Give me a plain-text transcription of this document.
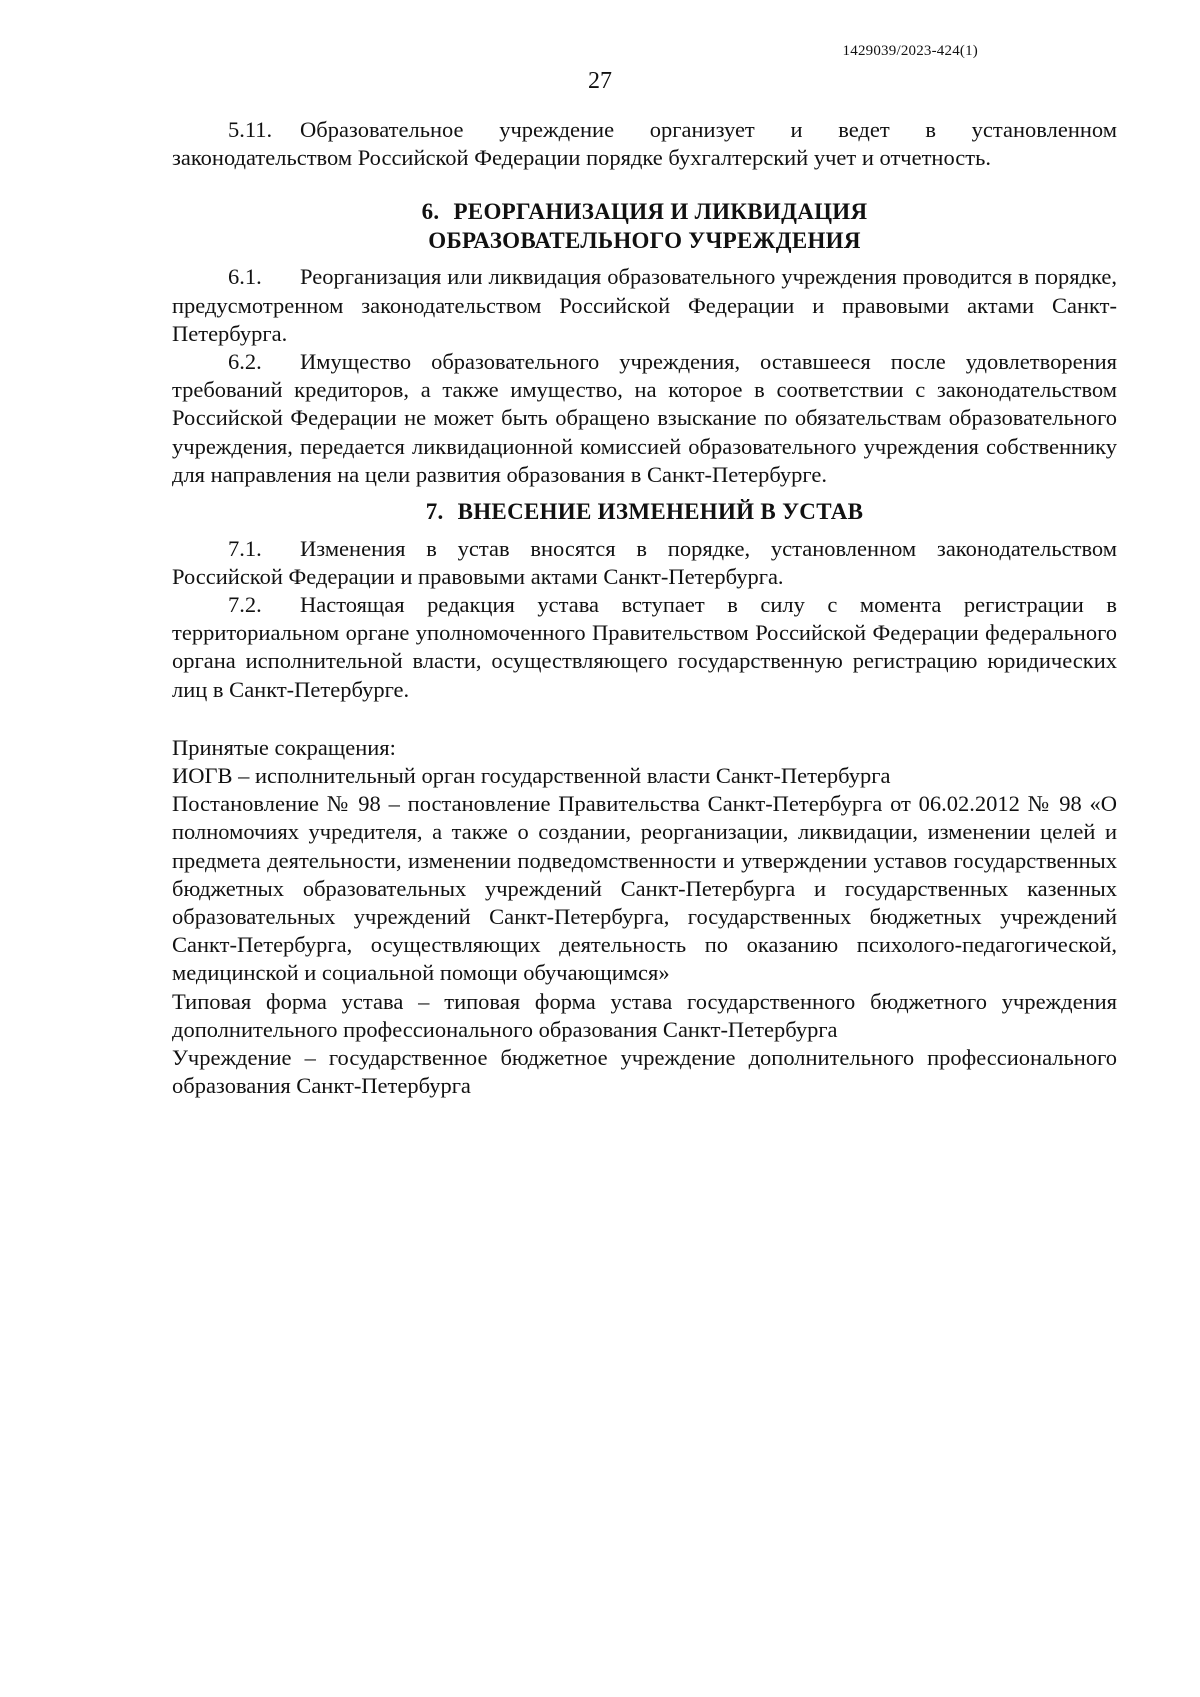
1429039/2023-424(1)
27

5.11. Образовательное учреждение организует и ведет в установленном законодательством Российской Федерации порядке бухгалтерский учет и отчетность.

6. РЕОРГАНИЗАЦИЯ И ЛИКВИДАЦИЯ

ОБРАЗОВАТЕЛЬНОГО УЧРЕЖДЕНИЯ

6.1. Реорганизация или ликвидация образовательного учреждения проводится в порядке, предусмотренном законодательством Российской Федерации и правовыми актами Санкт-Петербурга.

6.2. Имущество образовательного учреждения, оставшееся после удовлетворения требований кредиторов, а также имущество, на которое в соответствии с законодательством Российской Федерации не может быть обращено взыскание по обязательствам образовательного учреждения, передается ликвидационной комиссией образовательного учреждения собственнику для направления на цели развития образования в Санкт-Петербурге.

7. ВНЕСЕНИЕ ИЗМЕНЕНИЙ В УСТАВ

7.1. Изменения в устав вносятся в порядке, установленном законодательством Российской Федерации и правовыми актами Санкт-Петербурга.

7.2. Настоящая редакция устава вступает в силу с момента регистрации в территориальном органе уполномоченного Правительством Российской Федерации федерального органа исполнительной власти, осуществляющего государственную регистрацию юридических лиц в Санкт-Петербурге.

Принятые сокращения:

ИОГВ – исполнительный орган государственной власти Санкт-Петербурга

Постановление № 98 – постановление Правительства Санкт-Петербурга от 06.02.2012 № 98 «О полномочиях учредителя, а также о создании, реорганизации, ликвидации, изменении целей и предмета деятельности, изменении подведомственности и утверждении уставов государственных бюджетных образовательных учреждений Санкт-Петербурга и государственных казенных образовательных учреждений Санкт-Петербурга, государственных бюджетных учреждений Санкт-Петербурга, осуществляющих деятельность по оказанию психолого-педагогической, медицинской и социальной помощи обучающимся»

Типовая форма устава – типовая форма устава государственного бюджетного учреждения дополнительного профессионального образования Санкт-Петербурга

Учреждение – государственное бюджетное учреждение дополнительного профессионального образования Санкт-Петербурга
